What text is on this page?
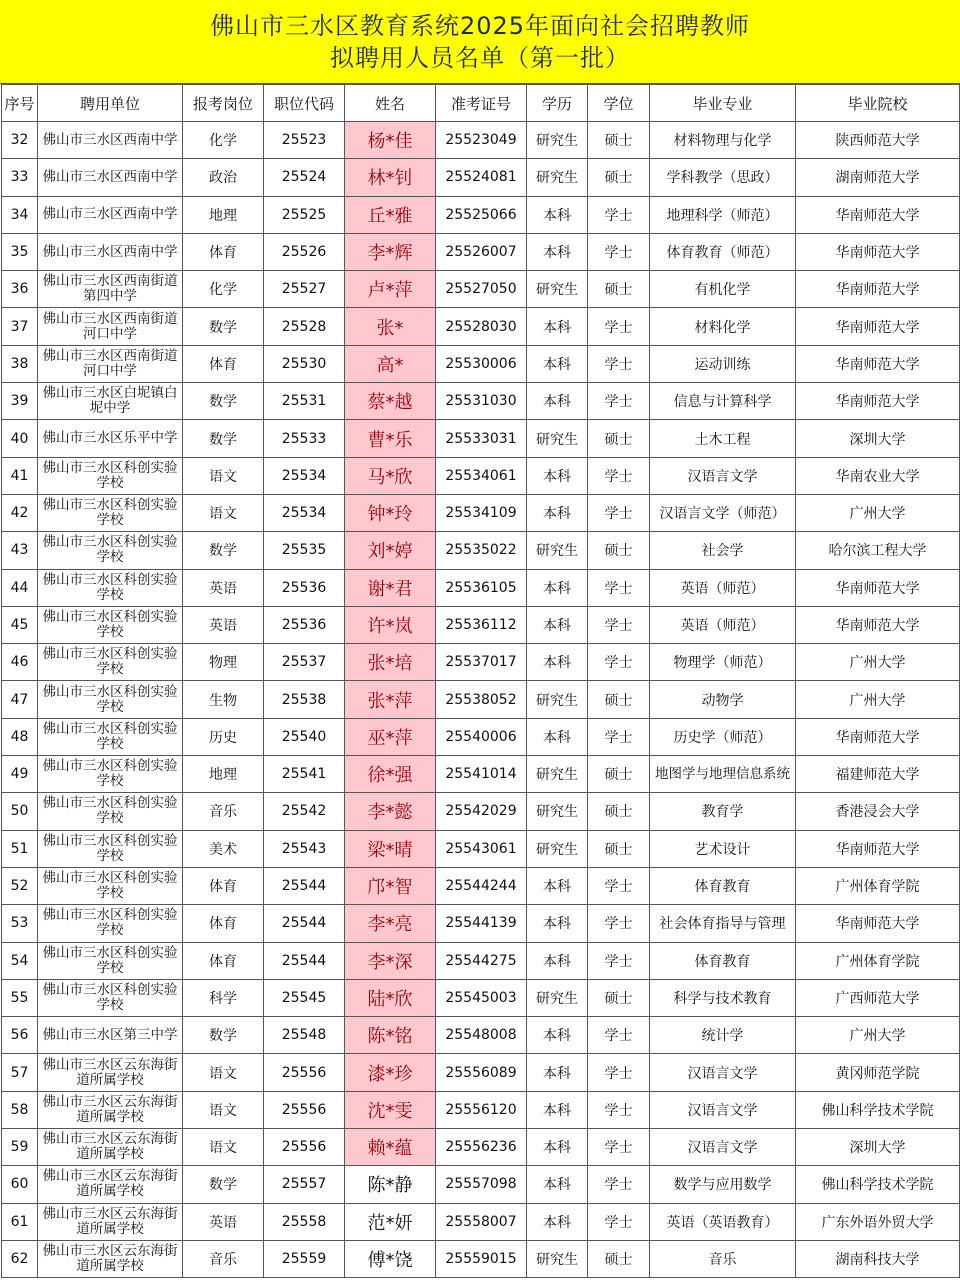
佛山市三水区教育系统2025年面向社会招聘教师
拟聘用人员名单（第一批）
序号	聘用单位	报考岗位	职位代码	姓名	准考证号	学历	学位	毕业专业	毕业院校
32	佛山市三水区西南中学	化学	25523	杨*佳	25523049	研究生	硕士	材料物理与化学	陕西师范大学
33	佛山市三水区西南中学	政治	25524	林*钊	25524081	研究生	硕士	学科教学（思政）	湖南师范大学
34	佛山市三水区西南中学	地理	25525	丘*雅	25525066	本科	学士	地理科学（师范）	华南师范大学
35	佛山市三水区西南中学	体育	25526	李*辉	25526007	本科	学士	体育教育（师范）	华南师范大学
36	佛山市三水区西南街道第四中学	化学	25527	卢*萍	25527050	研究生	硕士	有机化学	华南师范大学
37	佛山市三水区西南街道河口中学	数学	25528	张*	25528030	本科	学士	材料化学	华南师范大学
38	佛山市三水区西南街道河口中学	体育	25530	高*	25530006	本科	学士	运动训练	华南师范大学
39	佛山市三水区白坭镇白坭中学	数学	25531	蔡*越	25531030	本科	学士	信息与计算科学	华南师范大学
40	佛山市三水区乐平中学	数学	25533	曹*乐	25533031	研究生	硕士	土木工程	深圳大学
41	佛山市三水区科创实验学校	语文	25534	马*欣	25534061	本科	学士	汉语言文学	华南农业大学
42	佛山市三水区科创实验学校	语文	25534	钟*玲	25534109	本科	学士	汉语言文学（师范）	广州大学
43	佛山市三水区科创实验学校	数学	25535	刘*婷	25535022	研究生	硕士	社会学	哈尔滨工程大学
44	佛山市三水区科创实验学校	英语	25536	谢*君	25536105	本科	学士	英语（师范）	华南师范大学
45	佛山市三水区科创实验学校	英语	25536	许*岚	25536112	本科	学士	英语（师范）	华南师范大学
46	佛山市三水区科创实验学校	物理	25537	张*培	25537017	本科	学士	物理学（师范）	广州大学
47	佛山市三水区科创实验学校	生物	25538	张*萍	25538052	研究生	硕士	动物学	广州大学
48	佛山市三水区科创实验学校	历史	25540	巫*萍	25540006	本科	学士	历史学（师范）	华南师范大学
49	佛山市三水区科创实验学校	地理	25541	徐*强	25541014	研究生	硕士	地图学与地理信息系统	福建师范大学
50	佛山市三水区科创实验学校	音乐	25542	李*懿	25542029	研究生	硕士	教育学	香港浸会大学
51	佛山市三水区科创实验学校	美术	25543	梁*晴	25543061	研究生	硕士	艺术设计	华南师范大学
52	佛山市三水区科创实验学校	体育	25544	邝*智	25544244	本科	学士	体育教育	广州体育学院
53	佛山市三水区科创实验学校	体育	25544	李*亮	25544139	本科	学士	社会体育指导与管理	华南师范大学
54	佛山市三水区科创实验学校	体育	25544	李*深	25544275	本科	学士	体育教育	广州体育学院
55	佛山市三水区科创实验学校	科学	25545	陆*欣	25545003	研究生	硕士	科学与技术教育	广西师范大学
56	佛山市三水区第三中学	数学	25548	陈*铭	25548008	本科	学士	统计学	广州大学
57	佛山市三水区云东海街道所属学校	语文	25556	漆*珍	25556089	本科	学士	汉语言文学	黄冈师范学院
58	佛山市三水区云东海街道所属学校	语文	25556	沈*雯	25556120	本科	学士	汉语言文学	佛山科学技术学院
59	佛山市三水区云东海街道所属学校	语文	25556	赖*蕴	25556236	本科	学士	汉语言文学	深圳大学
60	佛山市三水区云东海街道所属学校	数学	25557	陈*静	25557098	本科	学士	数学与应用数学	佛山科学技术学院
61	佛山市三水区云东海街道所属学校	英语	25558	范*妍	25558007	本科	学士	英语（英语教育）	广东外语外贸大学
62	佛山市三水区云东海街道所属学校	音乐	25559	傅*饶	25559015	研究生	硕士	音乐	湖南科技大学
